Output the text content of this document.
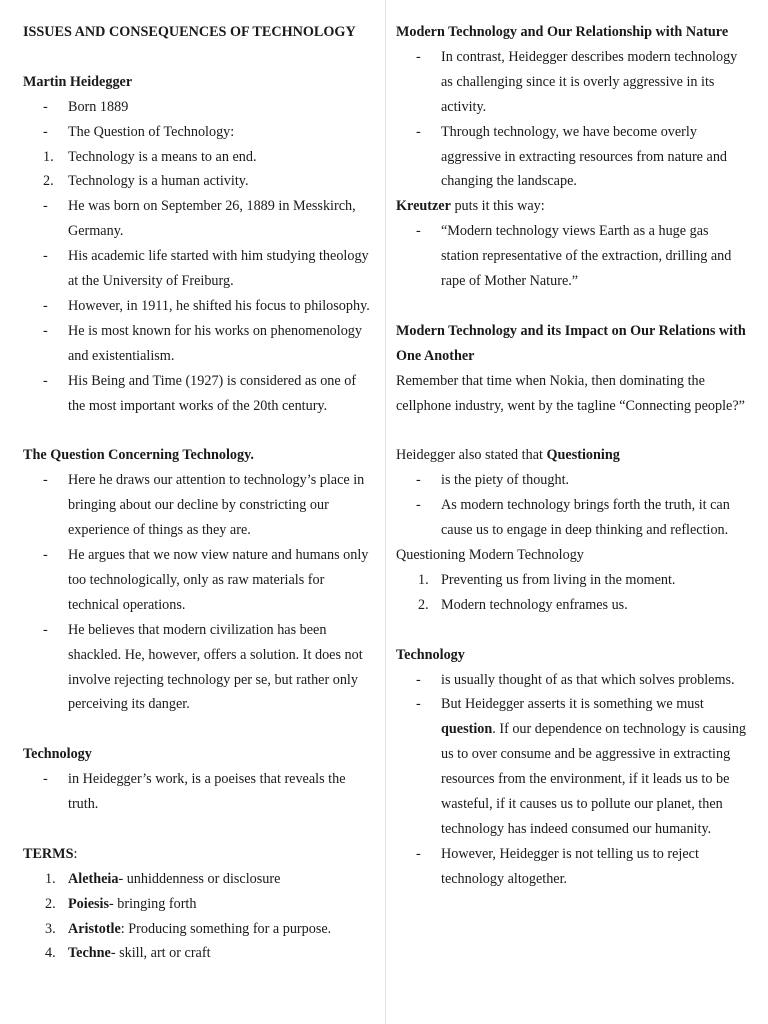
ISSUES AND CONSEQUENCES OF TECHNOLOGY
Martin Heidegger
- Born 1889
- The Question of Technology:
1. Technology is a means to an end.
2. Technology is a human activity.
- He was born on September 26, 1889 in Messkirch, Germany.
- His academic life started with him studying theology at the University of Freiburg.
- However, in 1911, he shifted his focus to philosophy.
- He is most known for his works on phenomenology and existentialism.
- His Being and Time (1927) is considered as one of the most important works of the 20th century.
The Question Concerning Technology.
- Here he draws our attention to technology’s place in bringing about our decline by constricting our experience of things as they are.
- He argues that we now view nature and humans only too technologically, only as raw materials for technical operations.
- He believes that modern civilization has been shackled. He, however, offers a solution. It does not involve rejecting technology per se, but rather only perceiving its danger.
Technology
- in Heidegger’s work, is a poeises that reveals the truth.
TERMS:
1. Aletheia- unhiddenness or disclosure
2. Poiesis- bringing forth
3. Aristotle: Producing something for a purpose.
4. Techne- skill, art or craft
Modern Technology and Our Relationship with Nature
- In contrast, Heidegger describes modern technology as challenging since it is overly aggressive in its activity.
- Through technology, we have become overly aggressive in extracting resources from nature and changing the landscape.
Kreutzer puts it this way:
- “Modern technology views Earth as a huge gas station representative of the extraction, drilling and rape of Mother Nature.”
Modern Technology and its Impact on Our Relations with One Another
Remember that time when Nokia, then dominating the cellphone industry, went by the tagline “Connecting people?”
Heidegger also stated that Questioning
- is the piety of thought.
- As modern technology brings forth the truth, it can cause us to engage in deep thinking and reflection.
Questioning Modern Technology
1. Preventing us from living in the moment.
2. Modern technology enframes us.
Technology
- is usually thought of as that which solves problems.
- But Heidegger asserts it is something we must question. If our dependence on technology is causing us to over consume and be aggressive in extracting resources from the environment, if it leads us to be wasteful, if it causes us to pollute our planet, then technology has indeed consumed our humanity.
- However, Heidegger is not telling us to reject technology altogether.
